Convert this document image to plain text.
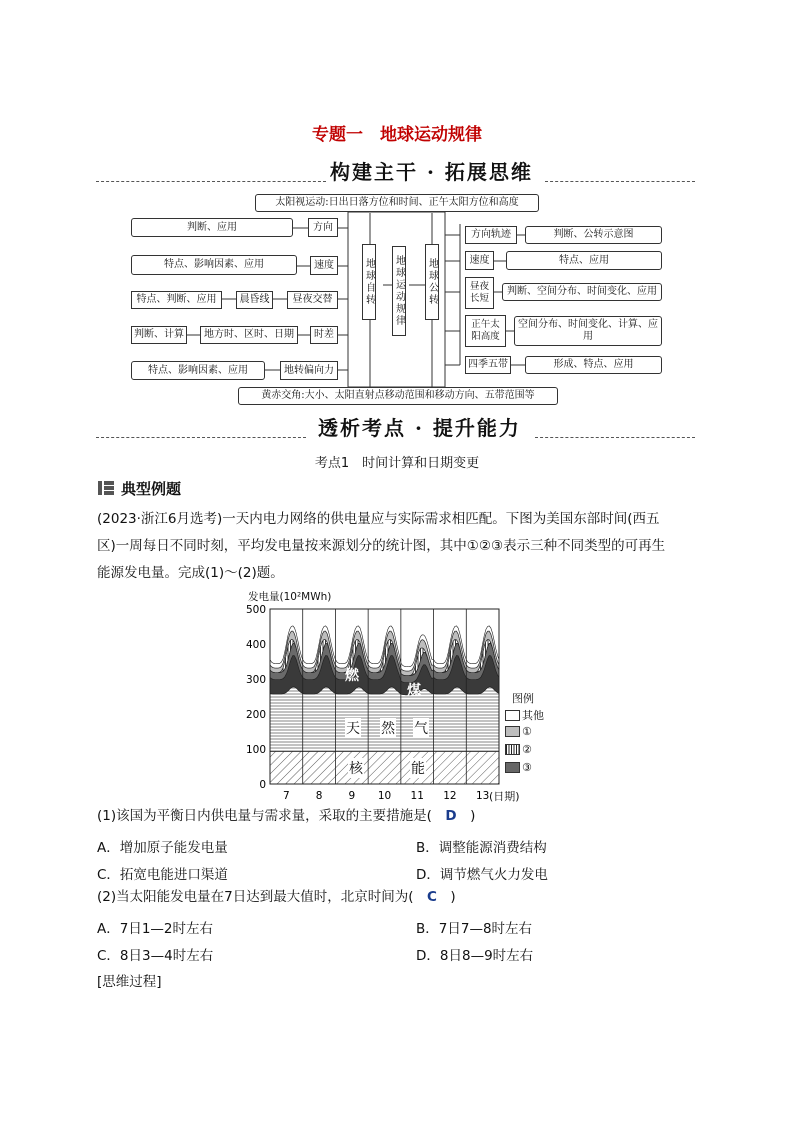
专题一　地球运动规律
构建主干 · 拓展思维
太阳视运动:日出日落方位和时间、正午太阳方位和高度
黄赤交角:大小、太阳直射点移动范围和移动方向、五带范围等
地球自转 地球运动规律 地球公转
判断、应用	方向
特点、影响因素、应用	速度
特点、判断、应用	晨昏线	昼夜交替
判断、计算	地方时、区时、日期	时差
特点、影响因素、应用	地转偏向力
方向轨迹	判断、公转示意图
速度	特点、应用
昼夜长短
判断、空间分布、时间变化、应用
正午太阳高度
空间分布、时间变化、计算、应用
四季五带	形成、特点、应用
透析考点 · 提升能力
考点1　时间计算和日期变更
典型例题
(2023·浙江6月选考)一天内电力网络的供电量应与实际需求相匹配。下图为美国东部时间(西五
区)一周每日不同时刻，平均发电量按来源划分的统计图，其中①②③表示三种不同类型的可再生
能源发电量。完成(1)～(2)题。
0
100
200
300
400
500
7 8 9 10 11 12 13
发电量(10²MWh)
(日期)
燃
煤
天 然 气
核	能
图例
其他
①
②
③
(1)该国为平衡日内供电量与需求量，采取的主要措施是(　D　)
A．增加原子能发电量	B．调整能源消费结构
C．拓宽电能进口渠道	D．调节燃气火力发电
(2)当太阳能发电量在7日达到最大值时，北京时间为(　C　)
A．7日1—2时左右	B．7日7—8时左右
C．8日3—4时左右	D．8日8—9时左右
[思维过程]
